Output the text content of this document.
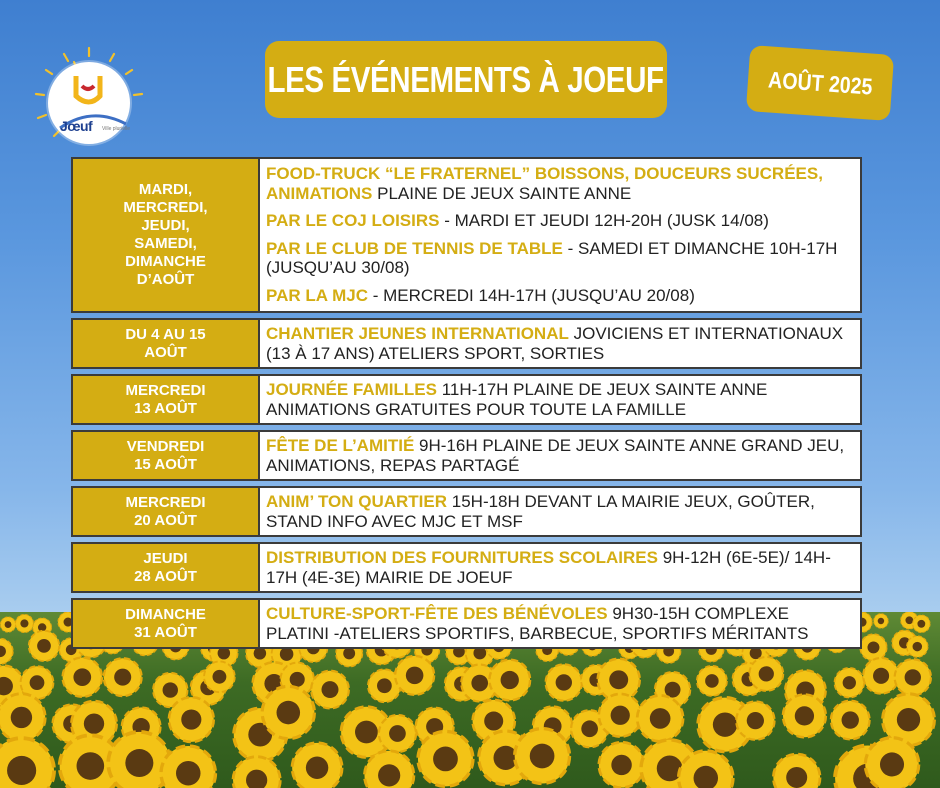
Jœuf Ville plurielle
LES ÉVÉNEMENTS À JOEUF	AOÛT 2025
MARDI,
MERCREDI,
JEUDI,
SAMEDI,
DIMANCHE
D’AOÛT

FOOD-TRUCK “LE FRATERNEL” BOISSONS, DOUCEURS SUCRÉES, ANIMATIONS PLAINE DE JEUX SAINTE ANNE

PAR LE COJ LOISIRS - MARDI ET JEUDI 12H-20H (JUSK 14/08)

PAR LE CLUB DE TENNIS DE TABLE - SAMEDI ET DIMANCHE 10H-17H (JUSQU’AU 30/08)

PAR LA MJC - MERCREDI 14H-17H (JUSQU’AU 20/08)

DU 4 AU 15
AOÛT

CHANTIER JEUNES INTERNATIONAL JOVICIENS ET INTERNATIONAUX (13 À 17 ANS) ATELIERS SPORT, SORTIES

MERCREDI
13 AOÛT

JOURNÉE FAMILLES 11H-17H PLAINE DE JEUX SAINTE ANNE ANIMATIONS GRATUITES POUR TOUTE LA FAMILLE

VENDREDI
15 AOÛT

FÊTE DE L’AMITIÉ 9H-16H PLAINE DE JEUX SAINTE ANNE GRAND JEU, ANIMATIONS, REPAS PARTAGÉ

MERCREDI
20 AOÛT

ANIM’ TON QUARTIER 15H-18H DEVANT LA MAIRIE JEUX, GOÛTER, STAND INFO AVEC MJC ET MSF

JEUDI
28 AOÛT

DISTRIBUTION DES FOURNITURES SCOLAIRES 9H-12H (6E-5E)/ 14H-17H (4E-3E) MAIRIE DE JOEUF

DIMANCHE
31 AOÛT

CULTURE-SPORT-FÊTE DES BÉNÉVOLES 9H30-15H COMPLEXE PLATINI -ATELIERS SPORTIFS, BARBECUE, SPORTIFS MÉRITANTS
